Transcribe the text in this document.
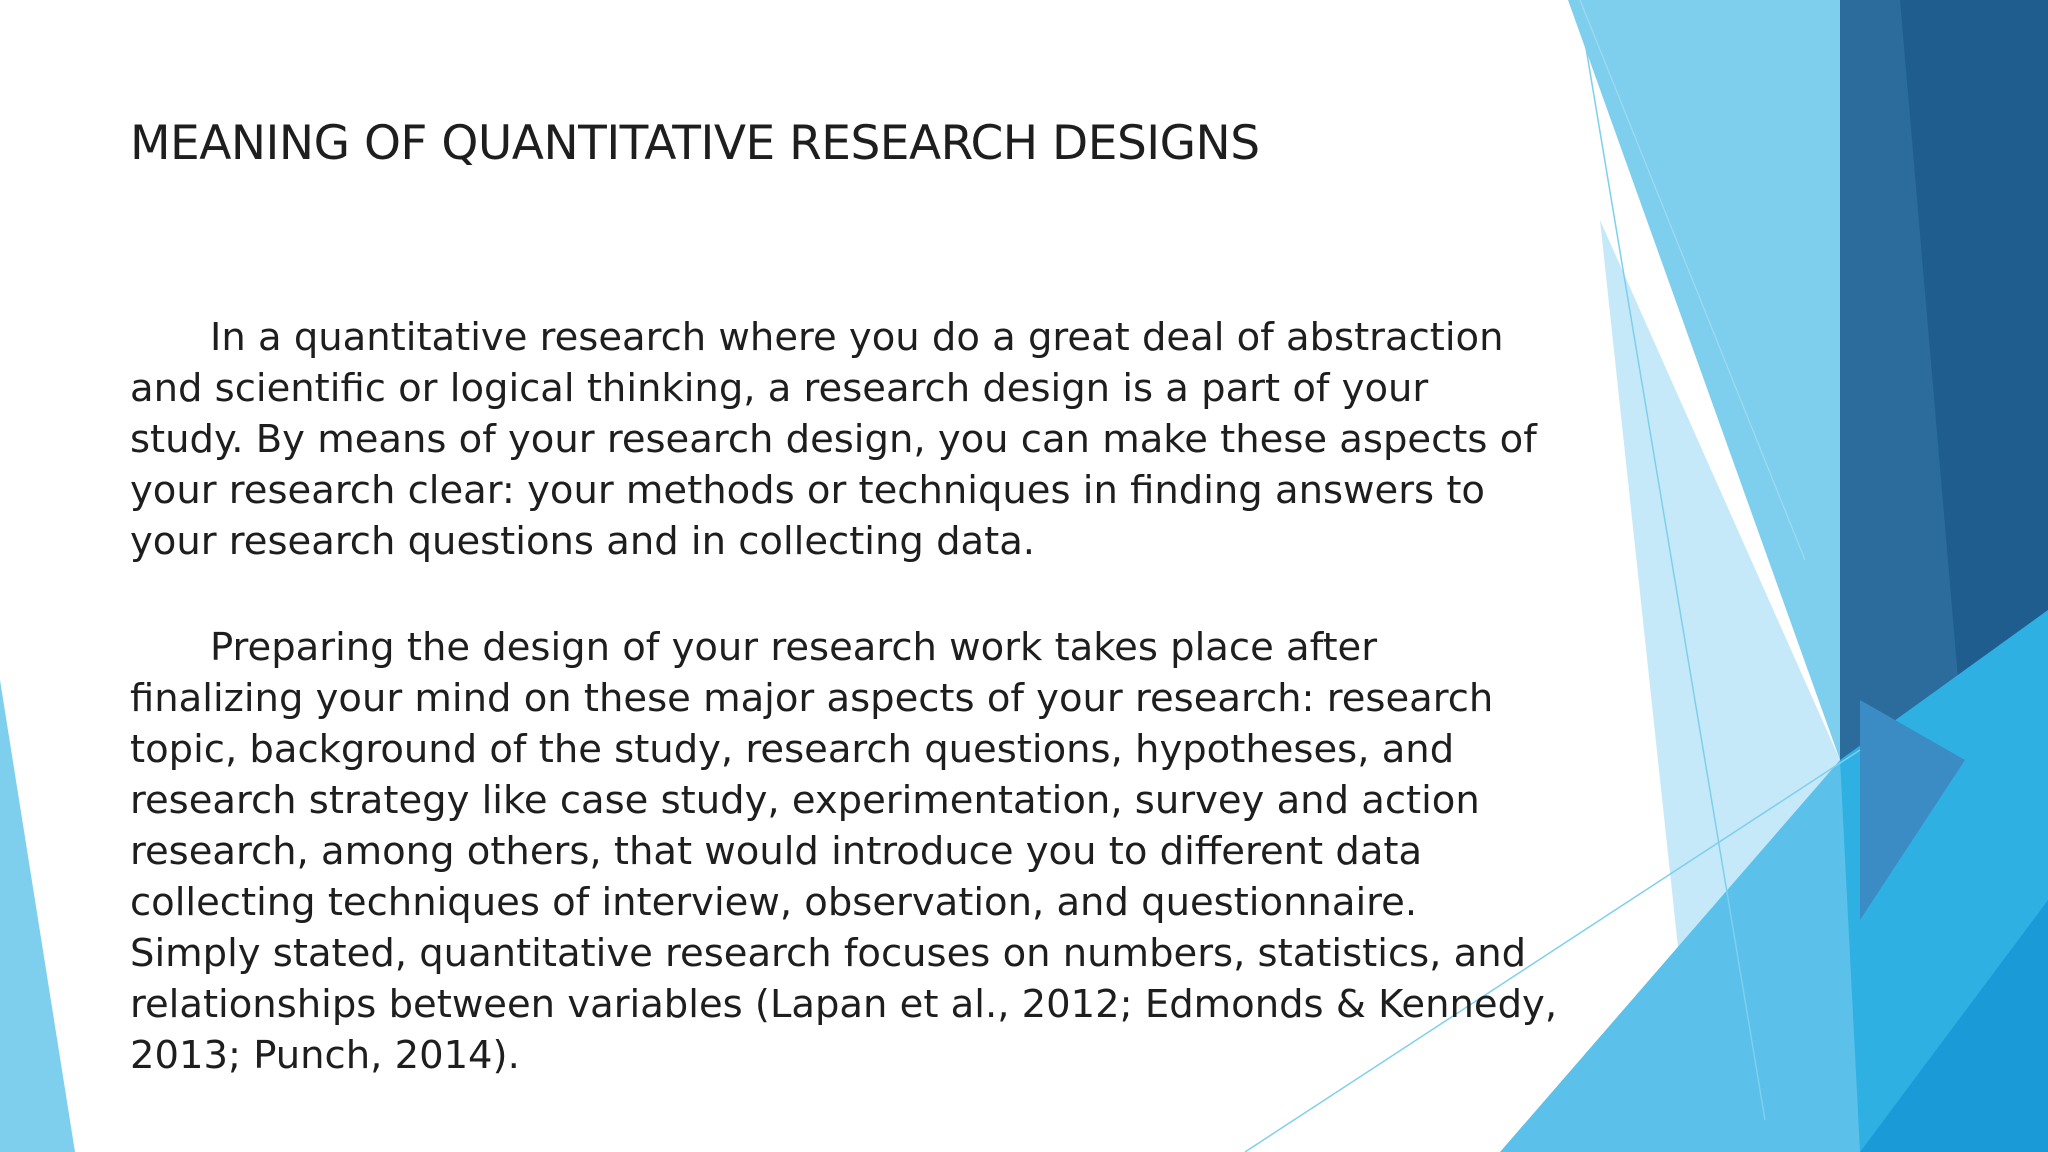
MEANING OF QUANTITATIVE RESEARCH DESIGNS

In a quantitative research where you do a great deal of abstraction
and scientific or logical thinking, a research design is a part of your
study. By means of your research design, you can make these aspects of
your research clear: your methods or techniques in finding answers to
your research questions and in collecting data.

Preparing the design of your research work takes place after
finalizing your mind on these major aspects of your research: research
topic, background of the study, research questions, hypotheses, and
research strategy like case study, experimentation, survey and action
research, among others, that would introduce you to different data
collecting techniques of interview, observation, and questionnaire.
Simply stated, quantitative research focuses on numbers, statistics, and
relationships between variables (Lapan et al., 2012; Edmonds & Kennedy,
2013; Punch, 2014).
